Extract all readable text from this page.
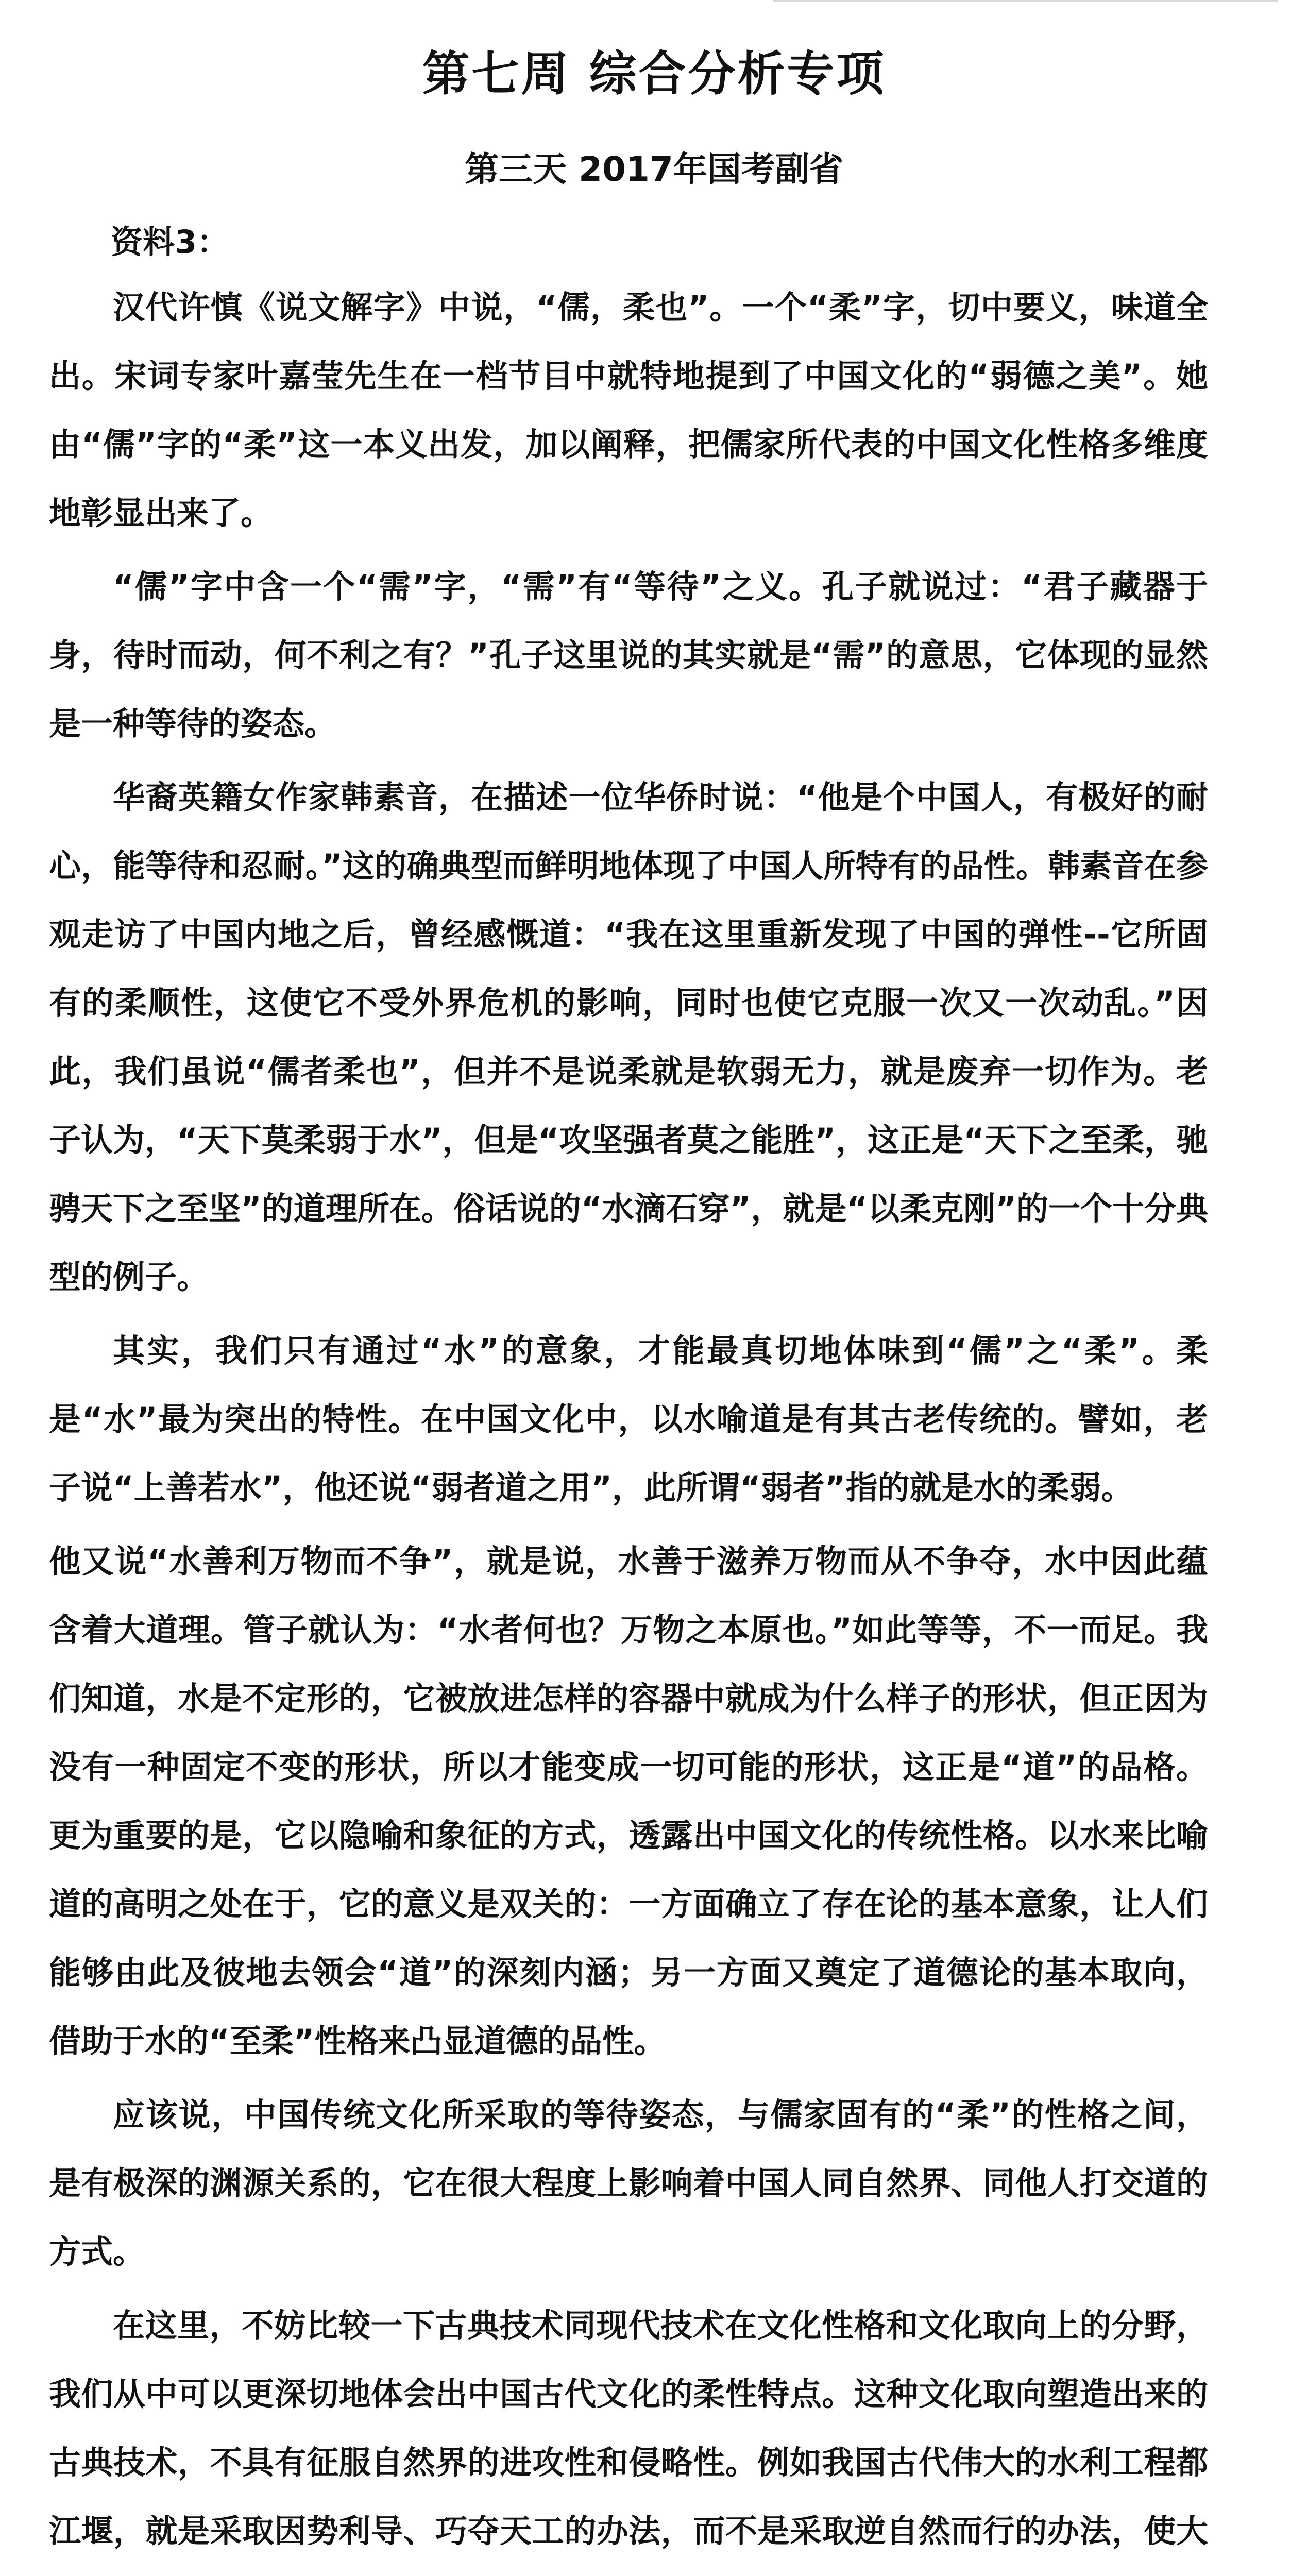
第七周 综合分析专项
第三天 2017年国考副省
资料3：

汉代许慎《说文解字》中说，“儒，柔也”。一个“柔”字，切中要义，味道全出。宋词专家叶嘉莹先生在一档节目中就特地提到了中国文化的“弱德之美”。她由“儒”字的“柔”这一本义出发，加以阐释，把儒家所代表的中国文化性格多维度地彰显出来了。

“儒”字中含一个“需”字，“需”有“等待”之义。孔子就说过：“君子藏器于身，待时而动，何不利之有？”孔子这里说的其实就是“需”的意思，它体现的显然是一种等待的姿态。

华裔英籍女作家韩素音，在描述一位华侨时说：“他是个中国人，有极好的耐心，能等待和忍耐。”这的确典型而鲜明地体现了中国人所特有的品性。韩素音在参观走访了中国内地之后，曾经感慨道：“我在这里重新发现了中国的弹性--它所固有的柔顺性，这使它不受外界危机的影响，同时也使它克服一次又一次动乱。”因此，我们虽说“儒者柔也”，但并不是说柔就是软弱无力，就是废弃一切作为。老子认为，“天下莫柔弱于水”，但是“攻坚强者莫之能胜”，这正是“天下之至柔，驰骋天下之至坚”的道理所在。俗话说的“水滴石穿”，就是“以柔克刚”的一个十分典型的例子。

其实，我们只有通过“水”的意象，才能最真切地体味到“儒”之“柔”。柔是“水”最为突出的特性。在中国文化中，以水喻道是有其古老传统的。譬如，老子说“上善若水”，他还说“弱者道之用”，此所谓“弱者”指的就是水的柔弱。

他又说“水善利万物而不争”，就是说，水善于滋养万物而从不争夺，水中因此蕴含着大道理。管子就认为：“水者何也？万物之本原也。”如此等等，不一而足。我们知道，水是不定形的，它被放进怎样的容器中就成为什么样子的形状，但正因为没有一种固定不变的形状，所以才能变成一切可能的形状，这正是“道”的品格。更为重要的是，它以隐喻和象征的方式，透露出中国文化的传统性格。以水来比喻道的高明之处在于，它的意义是双关的：一方面确立了存在论的基本意象，让人们能够由此及彼地去领会“道”的深刻内涵；另一方面又奠定了道德论的基本取向，借助于水的“至柔”性格来凸显道德的品性。

应该说，中国传统文化所采取的等待姿态，与儒家固有的“柔”的性格之间，是有极深的渊源关系的，它在很大程度上影响着中国人同自然界、同他人打交道的方式。

在这里，不妨比较一下古典技术同现代技术在文化性格和文化取向上的分野，我们从中可以更深切地体会出中国古代文化的柔性特点。这种文化取向塑造出来的古典技术，不具有征服自然界的进攻性和侵略性。例如我国古代伟大的水利工程都江堰，就是采取因势利导、巧夺天工的办法，而不是采取逆自然而行的办法，使大
